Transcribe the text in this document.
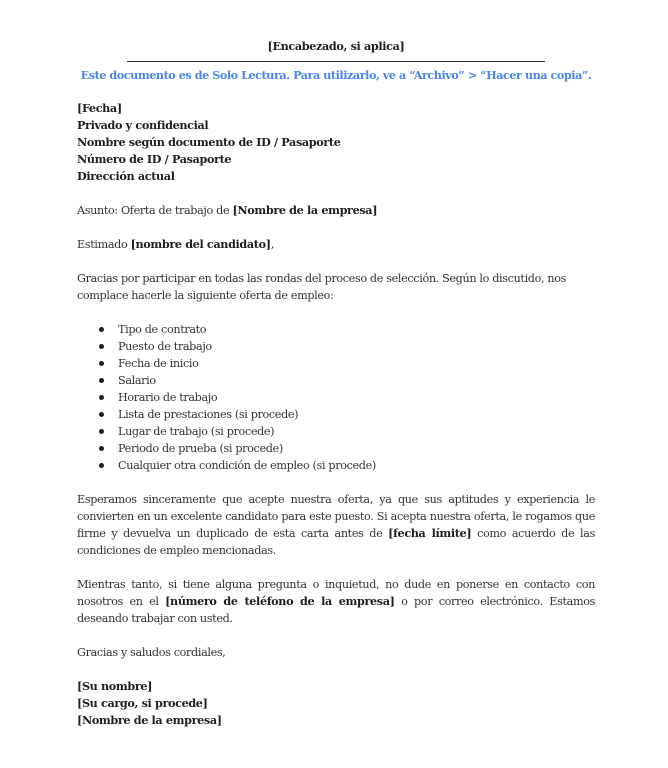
[Encabezado, si aplica]
Este documento es de Solo Lectura. Para utilizarlo, ve a “Archivo” > “Hacer una copia”.
[Fecha]
Privado y confidencial
Nombre según documento de ID / Pasaporte
Número de ID / Pasaporte
Dirección actual

Asunto: Oferta de trabajo de [Nombre de la empresa]

Estimado [nombre del candidato],

Gracias por participar en todas las rondas del proceso de selección. Según lo discutido, nos complace hacerle la siguiente oferta de empleo:

Tipo de contrato
Puesto de trabajo
Fecha de inicio
Salario
Horario de trabajo
Lista de prestaciones (si procede)
Lugar de trabajo (si procede)
Periodo de prueba (si procede)
Cualquier otra condición de empleo (si procede)

Esperamos sinceramente que acepte nuestra oferta, ya que sus aptitudes y experiencia le convierten en un excelente candidato para este puesto. Si acepta nuestra oferta, le rogamos que firme y devuelva un duplicado de esta carta antes de [fecha límite] como acuerdo de las condiciones de empleo mencionadas.

Mientras tanto, si tiene alguna pregunta o inquietud, no dude en ponerse en contacto con nosotros en el [número de teléfono de la empresa] o por correo electrónico. Estamos deseando trabajar con usted.

Gracias y saludos cordiales,

[Su nombre]
[Su cargo, si procede]
[Nombre de la empresa]
